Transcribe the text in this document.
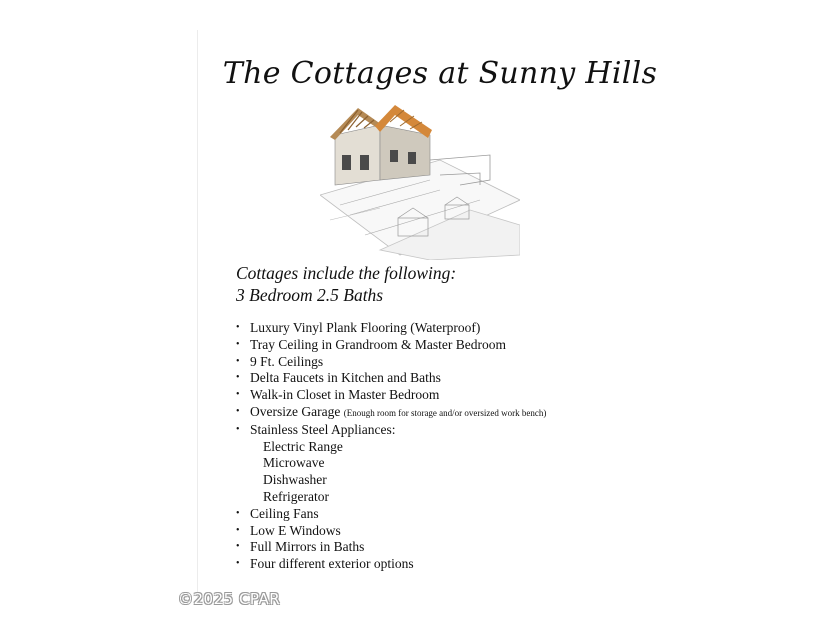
The Cottages at Sunny Hills
Cottages include the following:
3 Bedroom 2.5 Baths
• Luxury Vinyl Plank Flooring (Waterproof)
• Tray Ceiling in Grandroom & Master Bedroom
• 9 Ft. Ceilings
• Delta Faucets in Kitchen and Baths
• Walk-in Closet in Master Bedroom
• Oversize Garage (Enough room for storage and/or oversized work bench)
• Stainless Steel Appliances:
Electric Range
Microwave
Dishwasher
Refrigerator
• Ceiling Fans
• Low E Windows
• Full Mirrors in Baths
• Four different exterior options
©2025 CPAR
